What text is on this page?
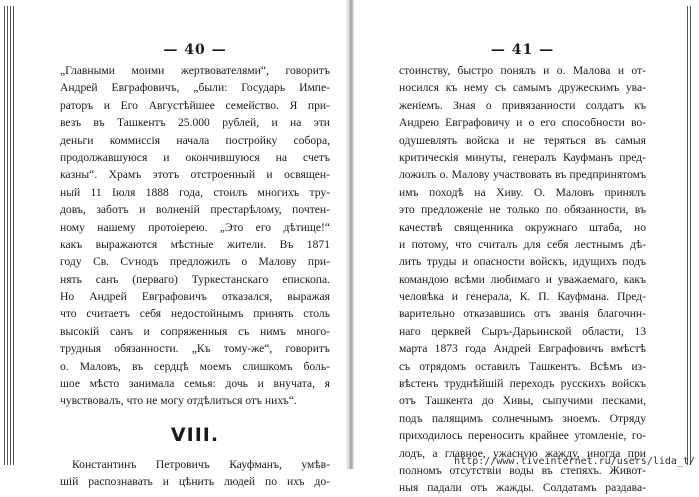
— 40 —
„Главными моими жертвователями“, говоритъ
Андрей Евграфовичъ, „были: Государь Импе-
раторъ и Его Августѣйшее семейство. Я при-
везъ въ Ташкентъ 25.000 рублей, и на эти
деньги коммиссія начала постройку собора,
продолжавшуюся и окончившуюся на счетъ
казны“. Храмъ этотъ отстроенный и освящен-
ный 11 Іюля 1888 года, стоилъ многихъ тру-
довъ, заботъ и волненій престарѣлому, почтен-
ному нашему протоіерею. „Это его дѣтище!“
какъ выражаются мѣстные жители. Въ 1871
году Св. Сѵнодъ предложилъ о Малову при-
нять санъ (перваго) Туркестанскаго епископа.
Но Андрей Евграфовичъ отказался, выражая
что считаетъ себя недостойнымъ принять столь
высокій санъ и сопряженныя съ нимъ много-
трудныя обязанности. „Къ тому-же“, говоритъ
о. Маловъ, въ сердцѣ моемъ слишкомъ боль-
шое мѣсто занимала семья: дочь и внучата, я
чувствовалъ, что не могу отдѣлиться отъ нихъ“.
VIII.
Константинъ Петровичъ Кауфманъ, умѣв-
шій распознавать и цѣнить людей по ихъ до-
— 41 —
стоинству, быстро понялъ и о. Малова и от-
носился къ нему съ самымъ дружескимъ ува-
женіемъ. Зная о привязанности солдатъ къ
Андрею Евграфовичу и о его способности во-
одушевлять войска и не теряться въ самыя
критическія минуты, генералъ Кауфманъ пред-
ложилъ о. Малову участвовать въ предпринятомъ
имъ походѣ на Хиву. О. Маловъ принялъ
это предложеніе не только по обязанности, въ
качествѣ священника окружнаго штаба, но
и потому, что считалъ для себя лестнымъ дѣ-
лить труды и опасности войскъ, идущихъ подъ
командою всѣми любимаго и уважаемаго, какъ
человѣка и генерала, К. П. Кауфмана. Пред-
варительно отказавшись отъ званія благочин-
наго церквей Сыръ-Дарьинской области, 13
марта 1873 года Андрей Евграфовичъ вмѣстѣ
съ отрядомъ оставилъ Ташкентъ. Всѣмъ из-
вѣстенъ труднѣйшій переходъ русскихъ войскъ
отъ Ташкента до Хивы, сыпучими песками,
подъ палящимъ солнечнымъ зноемъ. Отряду
приходилось переносить крайнее утомленіе, го-
лодъ, а главное, ужасную жажду, иногда при
полномъ отсутствіи воды въ степяхъ. Живот-
ныя падали отъ жажды. Солдатамъ раздава-
http://www.liveinternet.ru/users/lida_t/
